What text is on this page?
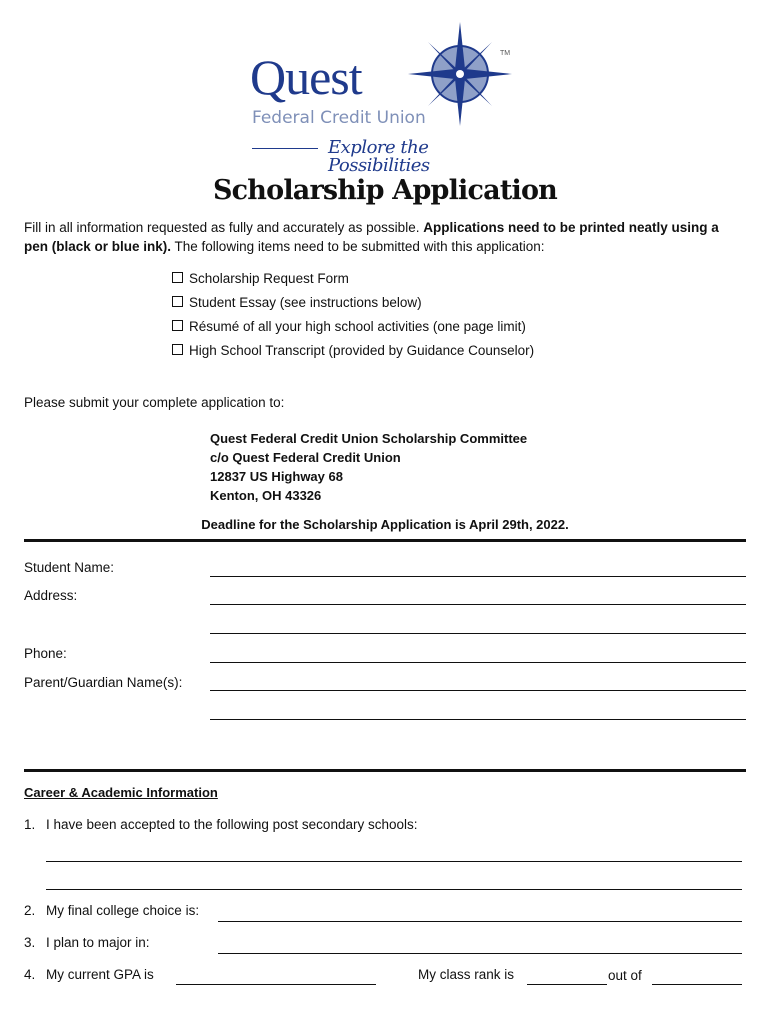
Quest	TM
Federal Credit Union
Explore the Possibilities
Scholarship Application
Fill in all information requested as fully and accurately as possible. Applications need to be printed neatly using a pen (black or blue ink). The following items need to be submitted with this application:
Scholarship Request Form
Student Essay (see instructions below)
Résumé of all your high school activities (one page limit)
High School Transcript (provided by Guidance Counselor)
Please submit your complete application to:
Quest Federal Credit Union Scholarship Committee
c/o Quest Federal Credit Union
12837 US Highway 68
Kenton, OH 43326
Deadline for the Scholarship Application is April 29th, 2022.
Student Name:
Address:
Phone:
Parent/Guardian Name(s):
Career & Academic Information
1. I have been accepted to the following post secondary schools:
2. My final college choice is:
3. I plan to major in:
4. My current GPA is	My class rank is	out of
